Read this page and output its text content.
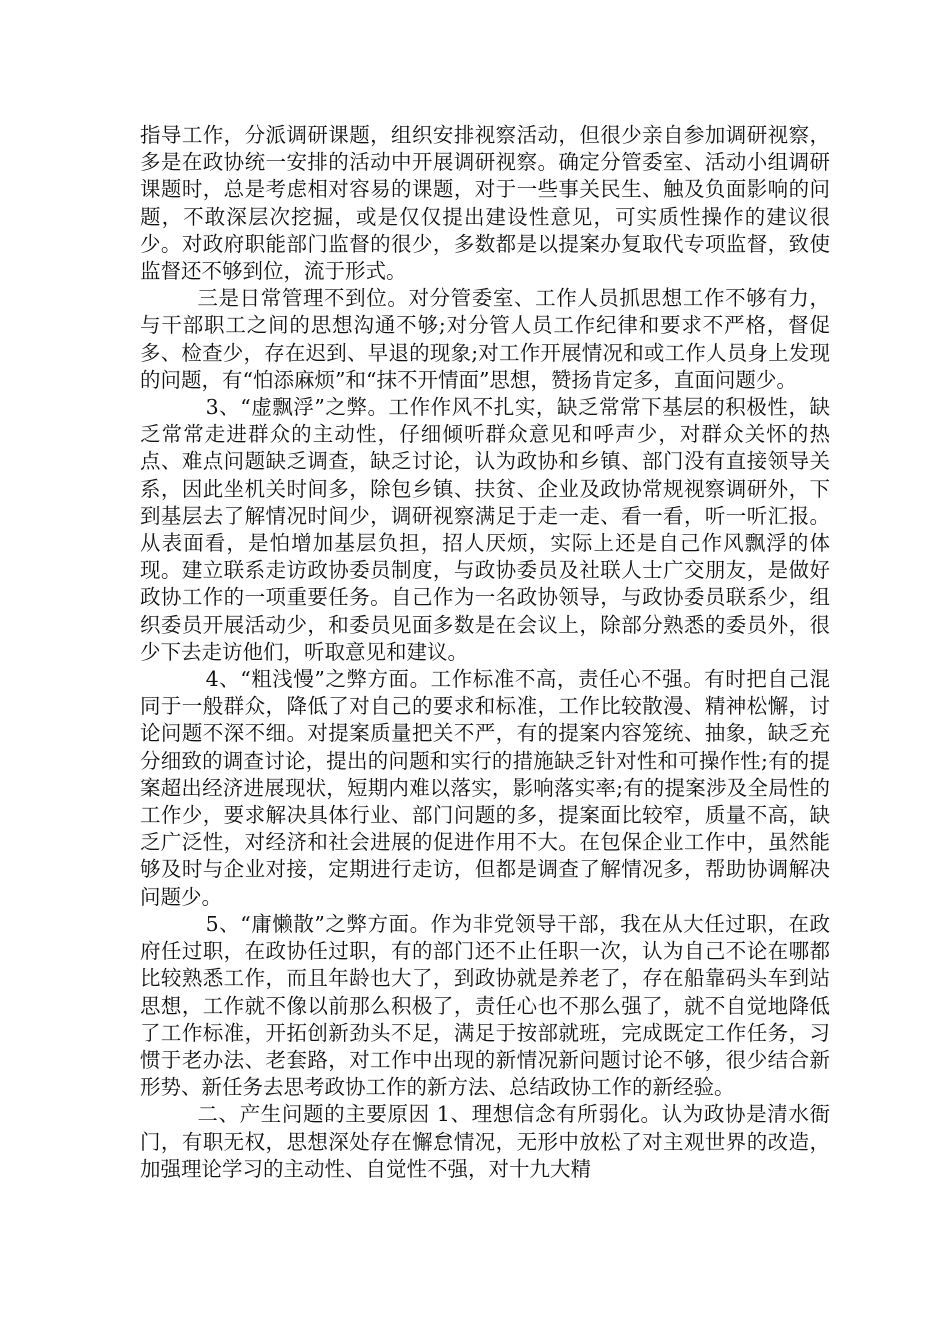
指导工作，分派调研课题，组织安排视察活动，但很少亲自参加调研视察，多是在政协统一安排的活动中开展调研视察。确定分管委室、活动小组调研课题时，总是考虑相对容易的课题，对于一些事关民生、触及负面影响的问题，不敢深层次挖掘，或是仅仅提出建设性意见，可实质性操作的建议很少。对政府职能部门监督的很少，多数都是以提案办复取代专项监督，致使监督还不够到位，流于形式。

三是日常管理不到位。对分管委室、工作人员抓思想工作不够有力，与干部职工之间的思想沟通不够;对分管人员工作纪律和要求不严格，督促多、检查少，存在迟到、早退的现象;对工作开展情况和或工作人员身上发现的问题，有“怕添麻烦”和“抹不开情面”思想，赞扬肯定多，直面问题少。

3、“虚飘浮”之弊。工作作风不扎实，缺乏常常下基层的积极性，缺乏常常走进群众的主动性，仔细倾听群众意见和呼声少，对群众关怀的热点、难点问题缺乏调查，缺乏讨论，认为政协和乡镇、部门没有直接领导关系，因此坐机关时间多，除包乡镇、扶贫、企业及政协常规视察调研外，下到基层去了解情况时间少，调研视察满足于走一走、看一看，听一听汇报。从表面看，是怕增加基层负担，招人厌烦，实际上还是自己作风飘浮的体现。建立联系走访政协委员制度，与政协委员及社联人士广交朋友，是做好政协工作的一项重要任务。自己作为一名政协领导，与政协委员联系少，组织委员开展活动少，和委员见面多数是在会议上，除部分熟悉的委员外，很少下去走访他们，听取意见和建议。

4、“粗浅慢”之弊方面。工作标准不高，责任心不强。有时把自己混同于一般群众，降低了对自己的要求和标准，工作比较散漫、精神松懈，讨论问题不深不细。对提案质量把关不严，有的提案内容笼统、抽象，缺乏充分细致的调查讨论，提出的问题和实行的措施缺乏针对性和可操作性;有的提案超出经济进展现状，短期内难以落实，影响落实率;有的提案涉及全局性的工作少，要求解决具体行业、部门问题的多，提案面比较窄，质量不高，缺乏广泛性，对经济和社会进展的促进作用不大。在包保企业工作中，虽然能够及时与企业对接，定期进行走访，但都是调查了解情况多，帮助协调解决问题少。

5、“庸懒散”之弊方面。作为非党领导干部，我在从大任过职，在政府任过职，在政协任过职，有的部门还不止任职一次，认为自己不论在哪都比较熟悉工作，而且年龄也大了，到政协就是养老了，存在船靠码头车到站思想，工作就不像以前那么积极了，责任心也不那么强了，就不自觉地降低了工作标准，开拓创新劲头不足，满足于按部就班，完成既定工作任务，习惯于老办法、老套路，对工作中出现的新情况新问题讨论不够，很少结合新形势、新任务去思考政协工作的新方法、总结政协工作的新经验。

二、产生问题的主要原因 1、理想信念有所弱化。认为政协是清水衙门，有职无权，思想深处存在懈怠情况，无形中放松了对主观世界的改造，加强理论学习的主动性、自觉性不强，对十九大精
